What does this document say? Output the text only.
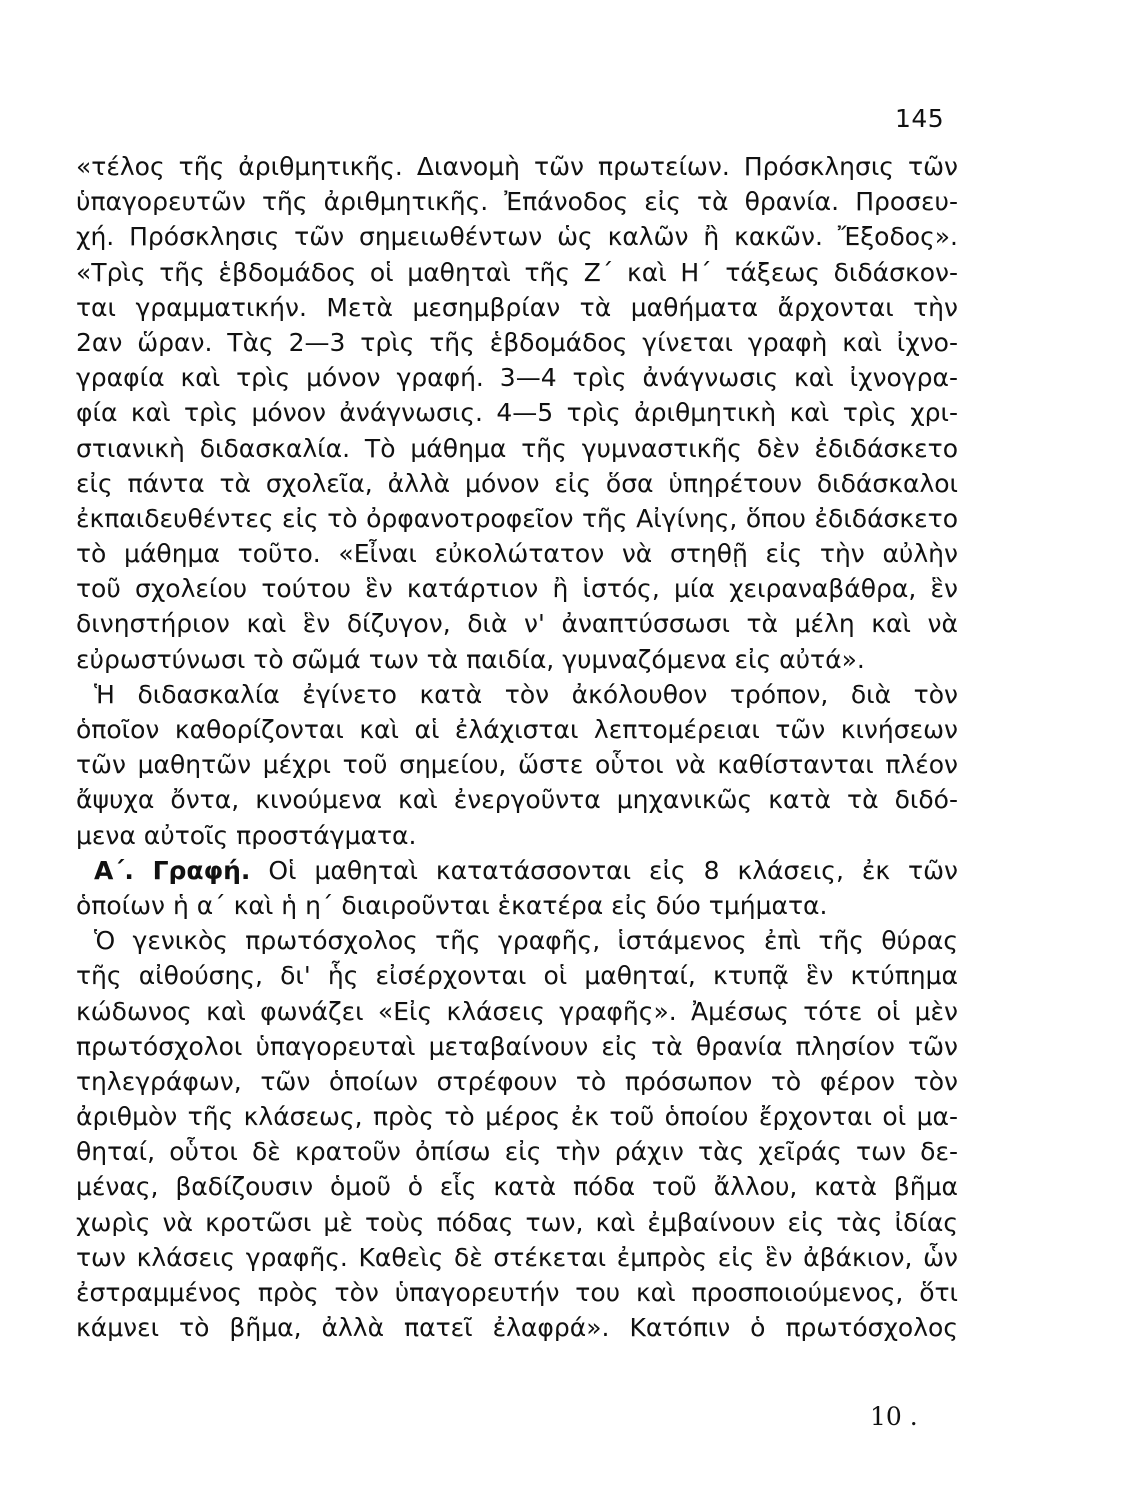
145
«τέλος τῆς ἀριθμητικῆς. Διανομὴ τῶν πρωτείων. Πρόσκλησις τῶν
ὑπαγορευτῶν τῆς ἀριθμητικῆς. Ἐπάνοδος εἰς τὰ θρανία. Προσευ-
χή. Πρόσκλησις τῶν σημειωθέντων ὡς καλῶν ἢ κακῶν. Ἔξοδος».
«Τρὶς τῆς ἑβδομάδος οἱ μαθηταὶ τῆς Ζ΄ καὶ Η΄ τάξεως διδάσκον-
ται γραμματικήν. Μετὰ μεσημβρίαν τὰ μαθήματα ἄρχονται τὴν
2αν ὥραν. Τὰς 2—3 τρὶς τῆς ἑβδομάδος γίνεται γραφὴ καὶ ἰχνο-
γραφία καὶ τρὶς μόνον γραφή. 3—4 τρὶς ἀνάγνωσις καὶ ἰχνογρα-
φία καὶ τρὶς μόνον ἀνάγνωσις. 4—5 τρὶς ἀριθμητικὴ καὶ τρὶς χρι-
στιανικὴ διδασκαλία. Τὸ μάθημα τῆς γυμναστικῆς δὲν ἐδιδάσκετο
εἰς πάντα τὰ σχολεῖα, ἀλλὰ μόνον εἰς ὅσα ὑπηρέτουν διδάσκαλοι
ἐκπαιδευθέντες εἰς τὸ ὀρφανοτροφεῖον τῆς Αἰγίνης, ὅπου ἐδιδάσκετο
τὸ μάθημα τοῦτο. «Εἶναι εὐκολώτατον νὰ στηθῇ εἰς τὴν αὐλὴν
τοῦ σχολείου τούτου ἓν κατάρτιον ἢ ἱστός, μία χειραναβάθρα, ἓν
δινηστήριον καὶ ἓν δίζυγον, διὰ ν' ἀναπτύσσωσι τὰ μέλη καὶ νὰ
εὐρωστύνωσι τὸ σῶμά των τὰ παιδία, γυμναζόμενα εἰς αὐτά».
Ἡ διδασκαλία ἐγίνετο κατὰ τὸν ἀκόλουθον τρόπον, διὰ τὸν
ὁποῖον καθορίζονται καὶ αἱ ἐλάχισται λεπτομέρειαι τῶν κινήσεων
τῶν μαθητῶν μέχρι τοῦ σημείου, ὥστε οὗτοι νὰ καθίστανται πλέον
ἄψυχα ὄντα, κινούμενα καὶ ἐνεργοῦντα μηχανικῶς κατὰ τὰ διδό-
μενα αὐτοῖς προστάγματα.
Α΄. Γραφή. Οἱ μαθηταὶ κατατάσσονται εἰς 8 κλάσεις, ἐκ τῶν
ὁποίων ἡ α΄ καὶ ἡ η΄ διαιροῦνται ἑκατέρα εἰς δύο τμήματα.
Ὁ γενικὸς πρωτόσχολος τῆς γραφῆς, ἱστάμενος ἐπὶ τῆς θύρας
τῆς αἰθούσης, δι' ἧς εἰσέρχονται οἱ μαθηταί, κτυπᾷ ἓν κτύπημα
κώδωνος καὶ φωνάζει «Εἰς κλάσεις γραφῆς». Ἀμέσως τότε οἱ μὲν
πρωτόσχολοι ὑπαγορευταὶ μεταβαίνουν εἰς τὰ θρανία πλησίον τῶν
τηλεγράφων, τῶν ὁποίων στρέφουν τὸ πρόσωπον τὸ φέρον τὸν
ἀριθμὸν τῆς κλάσεως, πρὸς τὸ μέρος ἐκ τοῦ ὁποίου ἔρχονται οἱ μα-
θηταί, οὗτοι δὲ κρατοῦν ὀπίσω εἰς τὴν ράχιν τὰς χεῖράς των δε-
μένας, βαδίζουσιν ὁμοῦ ὁ εἷς κατὰ πόδα τοῦ ἄλλου, κατὰ βῆμα
χωρὶς νὰ κροτῶσι μὲ τοὺς πόδας των, καὶ ἐμβαίνουν εἰς τὰς ἰδίας
των κλάσεις γραφῆς. Καθεὶς δὲ στέκεται ἐμπρὸς εἰς ἓν ἀβάκιον, ὧν
ἐστραμμένος πρὸς τὸν ὑπαγορευτήν του καὶ προσποιούμενος, ὅτι
κάμνει τὸ βῆμα, ἀλλὰ πατεῖ ἐλαφρά». Κατόπιν ὁ πρωτόσχολος
10 .
